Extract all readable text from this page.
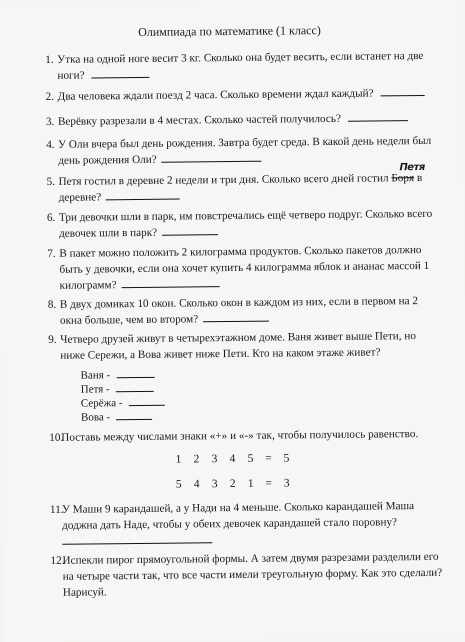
Олимпиада по математике (1 класс)
1. Утка на одной ноге весит 3 кг. Сколько она будет весить, если встанет на две ноги?
2. Два человека ждали поезд 2 часа. Сколько времени ждал каждый?
3. Верёвку разрезали в 4 местах. Сколько частей получилось?
4. У Оли вчера был день рождения. Завтра будет среда. В какой день недели был день рождения Оли?
5. Петя гостил в деревне 2 недели и три дня. Сколько всего дней гостил Боря в деревне?
Петя
6. Три девочки шли в парк, им повстречались ещё четверо подруг. Сколько всего девочек шли в парк?
7. В пакет можно положить 2 килограмма продуктов. Сколько пакетов должно быть у девочки, если она хочет купить 4 килограмма яблок и ананас массой 1 килограмм?
8. В двух домиках 10 окон. Сколько окон в каждом из них, если в первом на 2 окна больше, чем во втором?
9. Четверо друзей живут в четырехэтажном доме. Ваня живет выше Пети, но ниже Сережи, а Вова живет ниже Пети. Кто на каком этаже живет?
Ваня -
Петя -
Серёжа -
Вова -
10.
Поставь между числами знаки «+» и «-» так, чтобы получилось равенство.
1 2 3 4 5 = 5
5 4 3 2 1 = 3
11.
У Маши 9 карандашей, а у Нади на 4 меньше. Сколько карандашей Маша доджна дать Наде, чтобы у обеих девочек карандашей стало поровну?

12.
Испекли пирог прямоугольной формы. А затем двумя разрезами разделили его на четыре части так, что все части имели треугольную форму. Как это сделали? Нарисуй.
